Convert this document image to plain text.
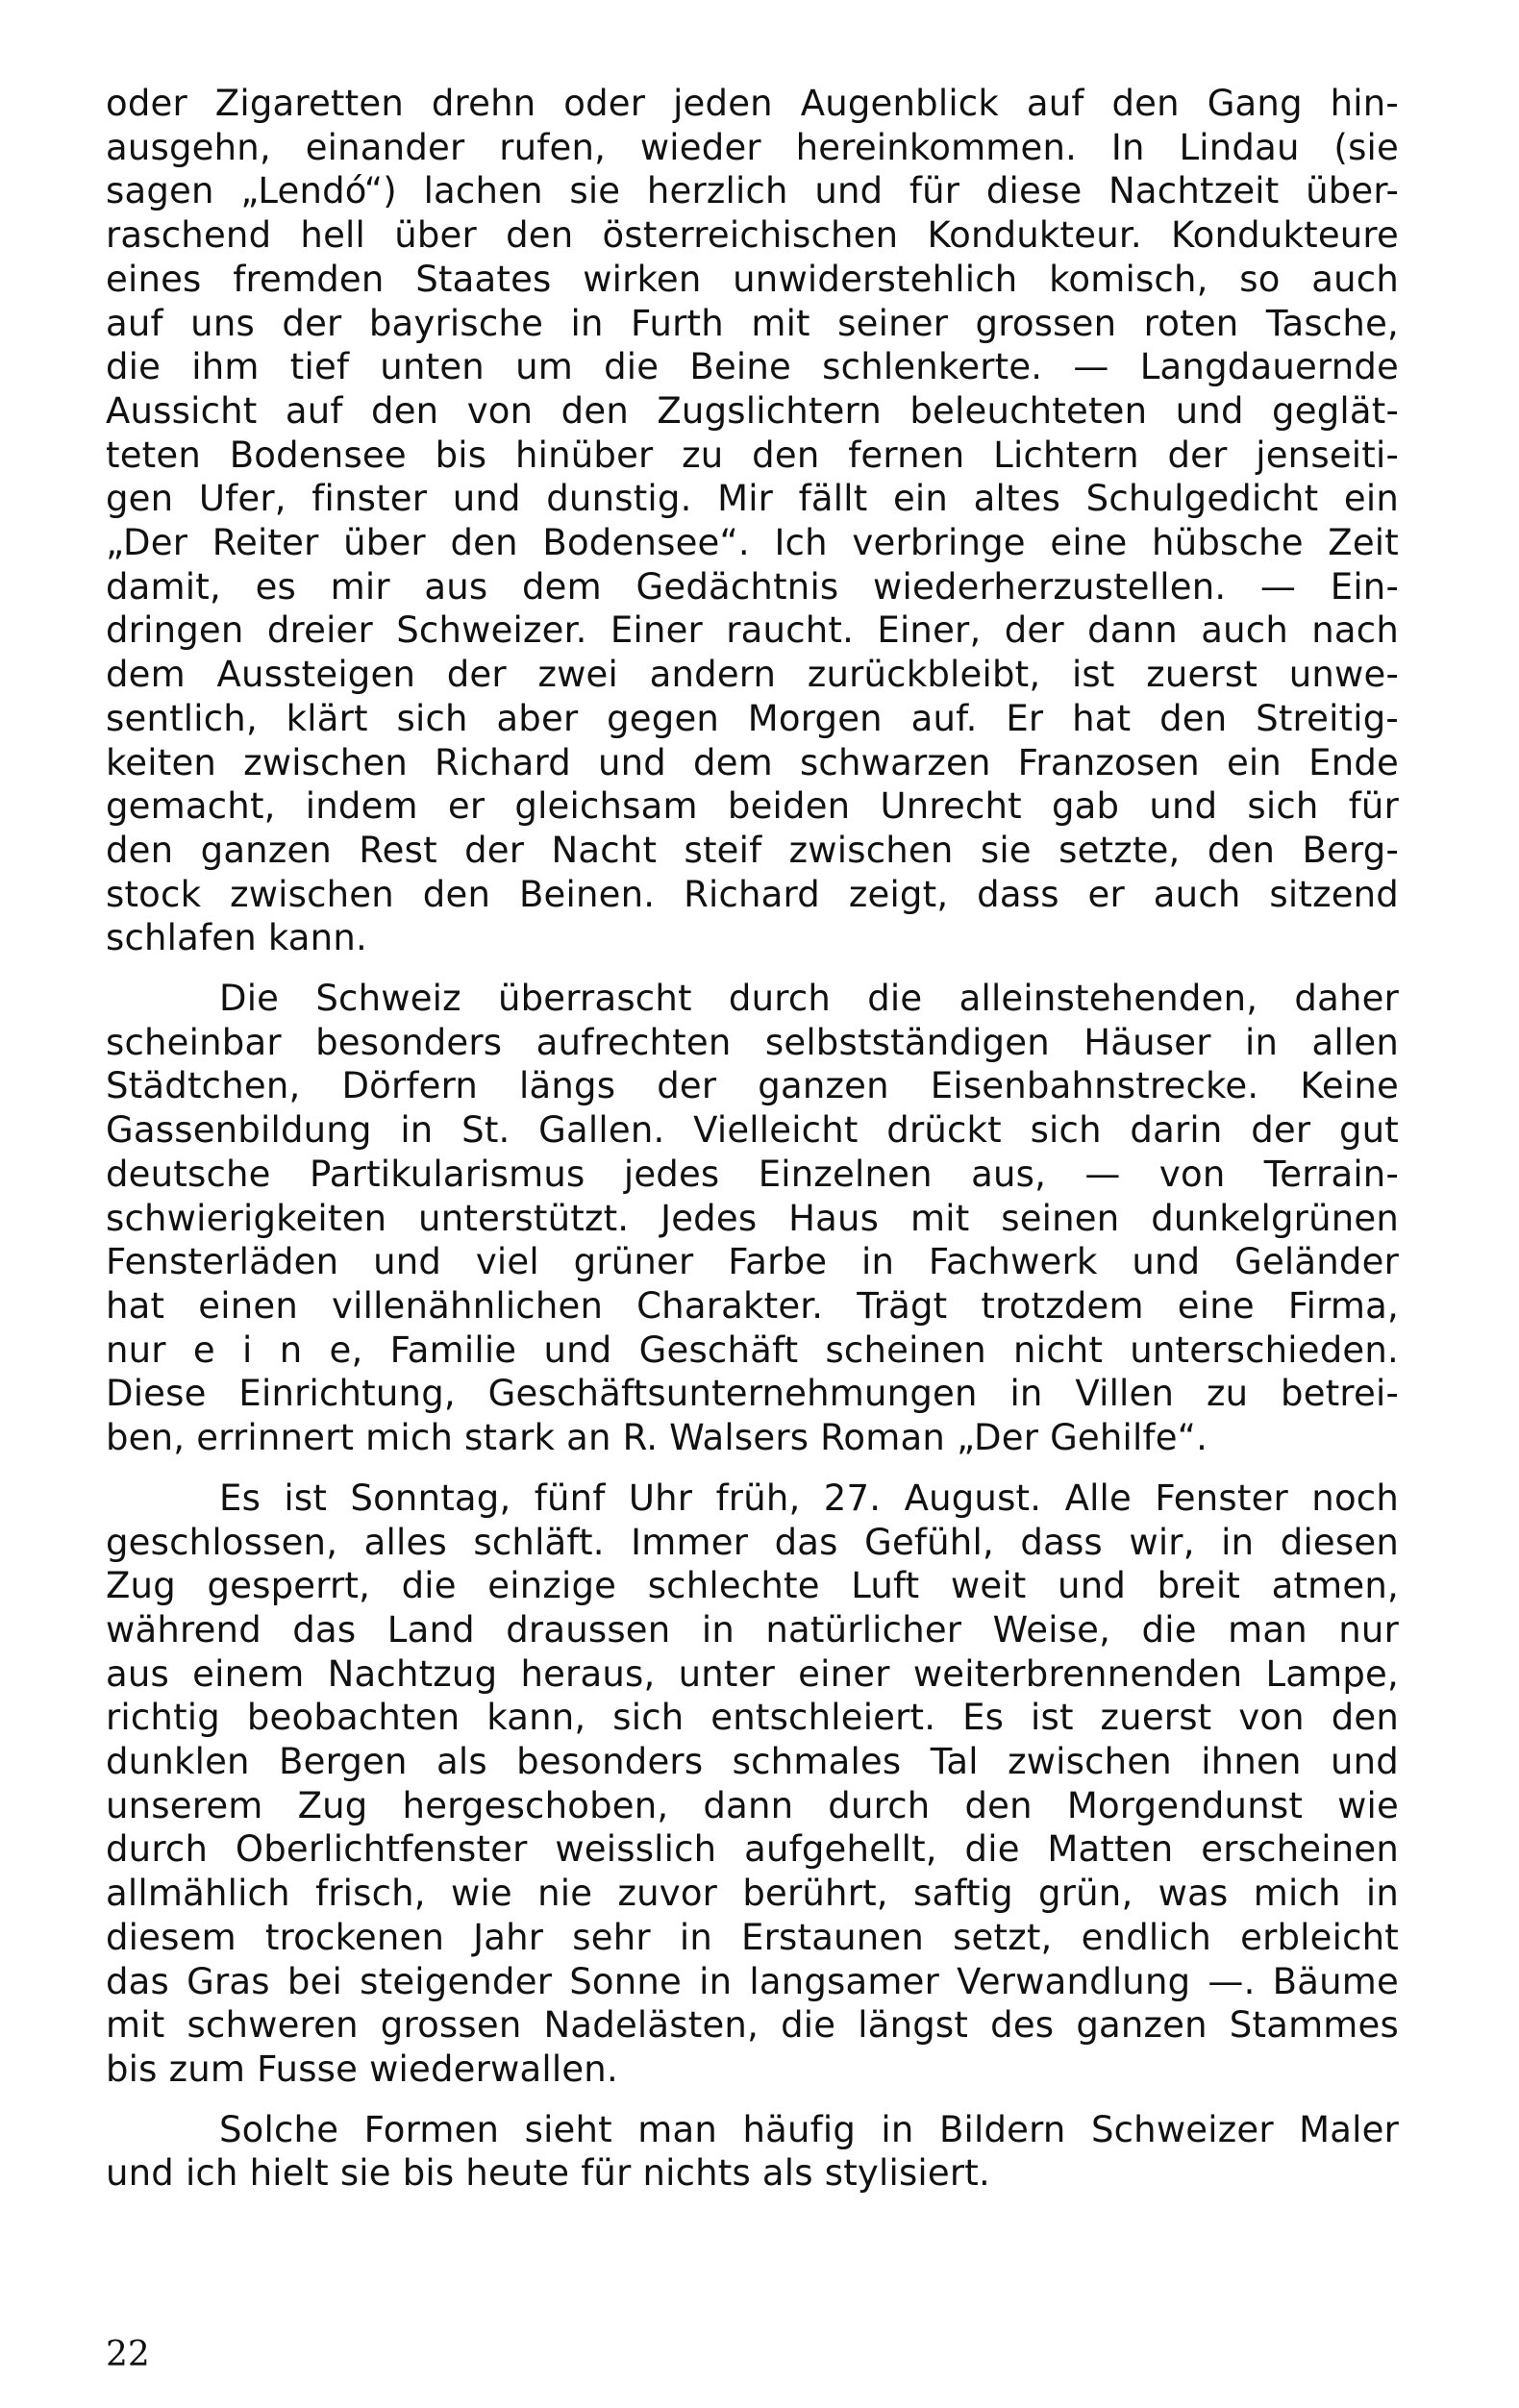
oder Zigaretten drehn oder jeden Augenblick auf den Gang hin-
ausgehn, einander rufen, wieder hereinkommen. In Lindau (sie
sagen „Lendó“) lachen sie herzlich und für diese Nachtzeit über-
raschend hell über den österreichischen Kondukteur. Kondukteure
eines fremden Staates wirken unwiderstehlich komisch, so auch
auf uns der bayrische in Furth mit seiner grossen roten Tasche,
die ihm tief unten um die Beine schlenkerte. — Langdauernde
Aussicht auf den von den Zugslichtern beleuchteten und geglät-
teten Bodensee bis hinüber zu den fernen Lichtern der jenseiti-
gen Ufer, finster und dunstig. Mir fällt ein altes Schulgedicht ein
„Der Reiter über den Bodensee“. Ich verbringe eine hübsche Zeit
damit, es mir aus dem Gedächtnis wiederherzustellen. — Ein-
dringen dreier Schweizer. Einer raucht. Einer, der dann auch nach
dem Aussteigen der zwei andern zurückbleibt, ist zuerst unwe-
sentlich, klärt sich aber gegen Morgen auf. Er hat den Streitig-
keiten zwischen Richard und dem schwarzen Franzosen ein Ende
gemacht, indem er gleichsam beiden Unrecht gab und sich für
den ganzen Rest der Nacht steif zwischen sie setzte, den Berg-
stock zwischen den Beinen. Richard zeigt, dass er auch sitzend
schlafen kann.
Die Schweiz überrascht durch die alleinstehenden, daher
scheinbar besonders aufrechten selbstständigen Häuser in allen
Städtchen, Dörfern längs der ganzen Eisenbahnstrecke. Keine
Gassenbildung in St. Gallen. Vielleicht drückt sich darin der gut
deutsche Partikularismus jedes Einzelnen aus, — von Terrain-
schwierigkeiten unterstützt. Jedes Haus mit seinen dunkelgrünen
Fensterläden und viel grüner Farbe in Fachwerk und Geländer
hat einen villenähnlichen Charakter. Trägt trotzdem eine Firma,
nur e i n e, Familie und Geschäft scheinen nicht unterschieden.
Diese Einrichtung, Geschäftsunternehmungen in Villen zu betrei-
ben, errinnert mich stark an R. Walsers Roman „Der Gehilfe“.
Es ist Sonntag, fünf Uhr früh, 27. August. Alle Fenster noch
geschlossen, alles schläft. Immer das Gefühl, dass wir, in diesen
Zug gesperrt, die einzige schlechte Luft weit und breit atmen,
während das Land draussen in natürlicher Weise, die man nur
aus einem Nachtzug heraus, unter einer weiterbrennenden Lampe,
richtig beobachten kann, sich entschleiert. Es ist zuerst von den
dunklen Bergen als besonders schmales Tal zwischen ihnen und
unserem Zug hergeschoben, dann durch den Morgendunst wie
durch Oberlichtfenster weisslich aufgehellt, die Matten erscheinen
allmählich frisch, wie nie zuvor berührt, saftig grün, was mich in
diesem trockenen Jahr sehr in Erstaunen setzt, endlich erbleicht
das Gras bei steigender Sonne in langsamer Verwandlung —. Bäume
mit schweren grossen Nadelästen, die längst des ganzen Stammes
bis zum Fusse wiederwallen.
Solche Formen sieht man häufig in Bildern Schweizer Maler
und ich hielt sie bis heute für nichts als stylisiert.
22
